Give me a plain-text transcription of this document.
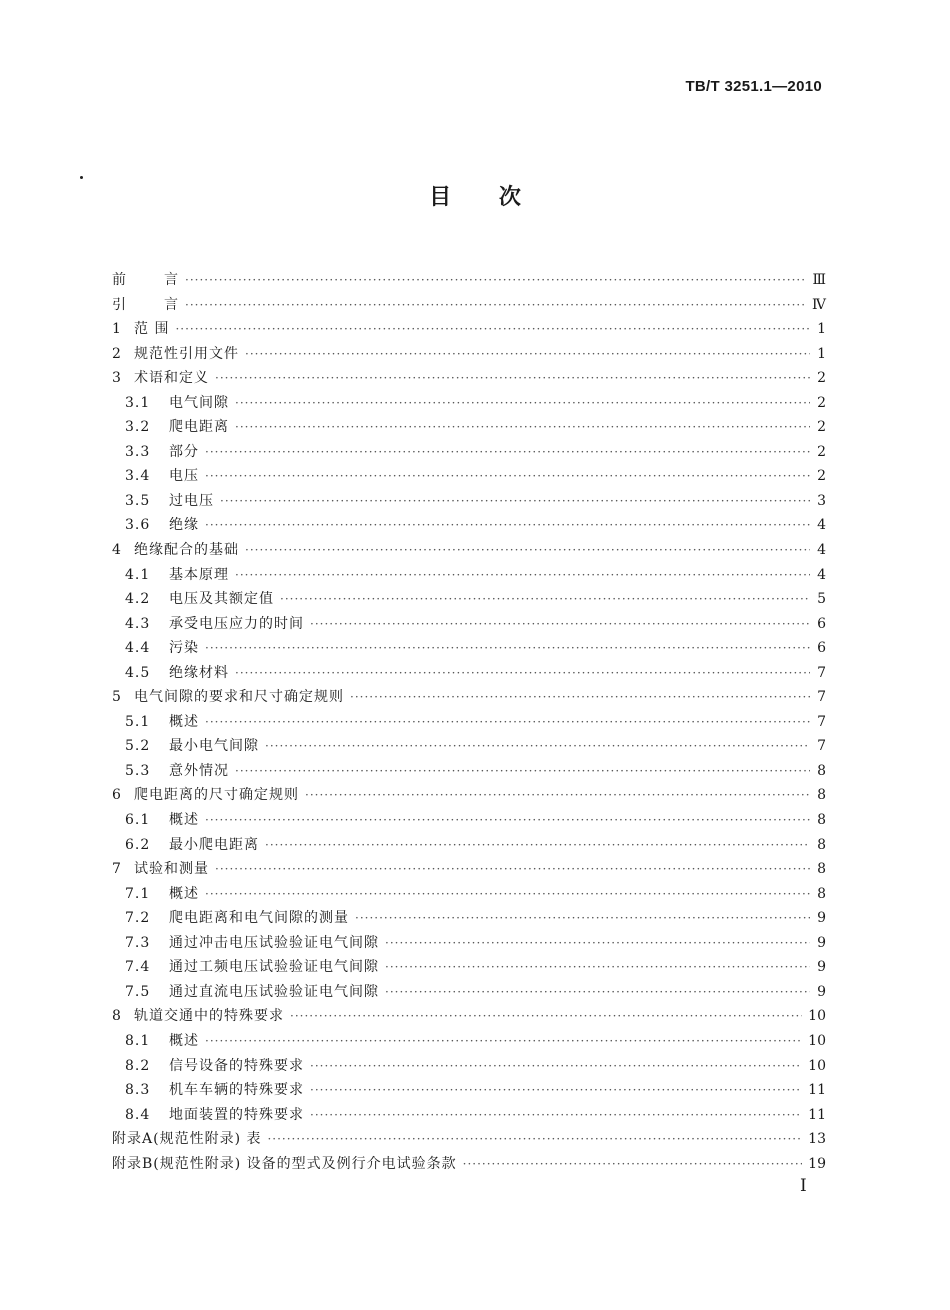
TB/T 3251.1—2010
目 次
前	言 ·····	Ⅲ
引	言 ·····	Ⅳ
1 范 围 ·····	1
2 规范性引用文件 ·····	1
3 术语和定义 ·····	2
3.1	电气间隙 ·····	2
3.2	爬电距离 ·····	2
3.3	部分 ·····	2
3.4	电压 ·····	2
3.5	过电压 ·····	3
3.6	绝缘 ·····	4
4 绝缘配合的基础 ·····	4
4.1	基本原理 ·····	4
4.2	电压及其额定值 ·····	5
4.3	承受电压应力的时间 ·····	6
4.4	污染 ·····	6
4.5	绝缘材料 ·····	7
5 电气间隙的要求和尺寸确定规则 ·····	7
5.1	概述 ·····	7
5.2	最小电气间隙 ·····	7
5.3	意外情况 ·····	8
6 爬电距离的尺寸确定规则 ·····	8
6.1	概述 ·····	8
6.2	最小爬电距离 ·····	8
7 试验和测量 ·····	8
7.1	概述 ·····	8
7.2	爬电距离和电气间隙的测量 ·····	9
7.3	通过冲击电压试验验证电气间隙 ·····	9
7.4	通过工频电压试验验证电气间隙 ·····	9
7.5	通过直流电压试验验证电气间隙 ·····	9
8 轨道交通中的特殊要求 ·····	10
8.1	概述 ·····	10
8.2	信号设备的特殊要求 ·····	10
8.3	机车车辆的特殊要求 ·····	11
8.4	地面装置的特殊要求 ·····	11
附录A(规范性附录) 表 ·····	13
附录B(规范性附录) 设备的型式及例行介电试验条款 ·····	19
I
